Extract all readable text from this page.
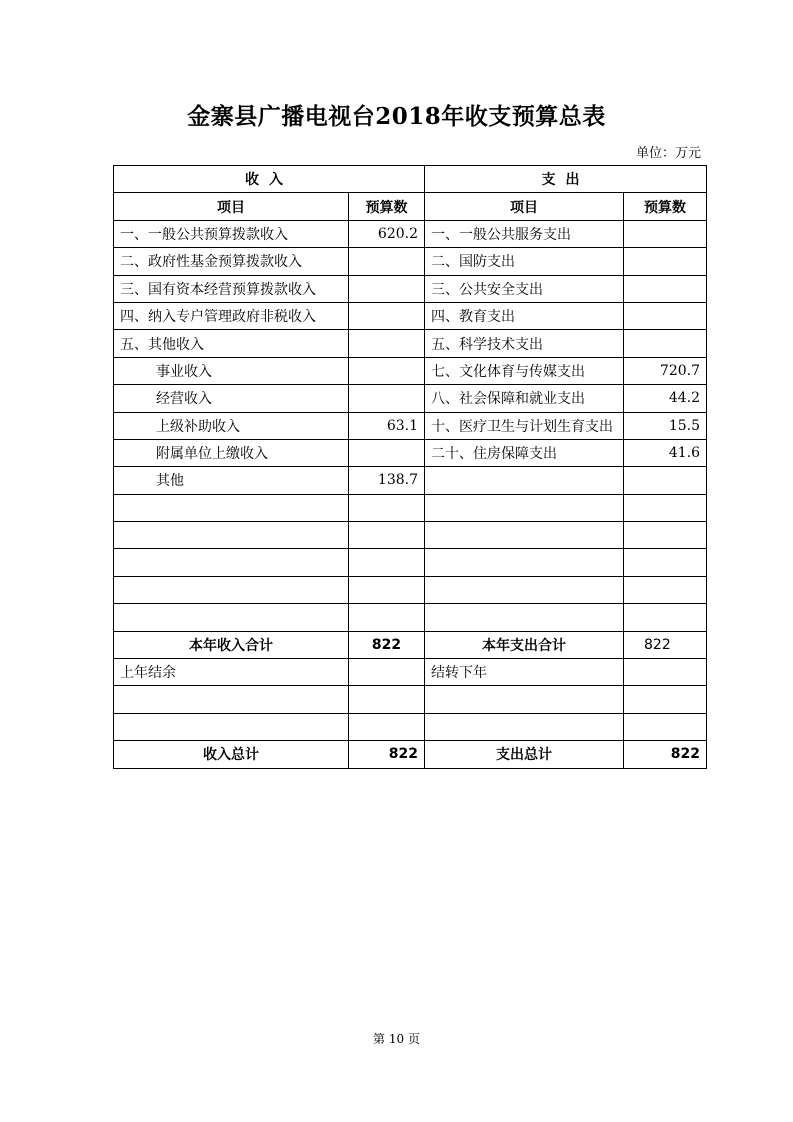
金寨县广播电视台2018年收支预算总表
单位：万元
收入		支出	
项目	预算数	项目	预算数
一、一般公共预算拨款收入	620.2	一、一般公共服务支出	
二、政府性基金预算拨款收入		二、国防支出	
三、国有资本经营预算拨款收入		三、公共安全支出	
四、纳入专户管理政府非税收入		四、教育支出	
五、其他收入		五、科学技术支出	
事业收入		七、文化体育与传媒支出	720.7
经营收入		八、社会保障和就业支出	44.2
上级补助收入	63.1	十、医疗卫生与计划生育支出	15.5
附属单位上缴收入		二十、住房保障支出	41.6
其他	138.7		

本年收入合计	822	本年支出合计	822
上年结余		结转下年	

收入总计	822	支出总计	822
第 10 页
